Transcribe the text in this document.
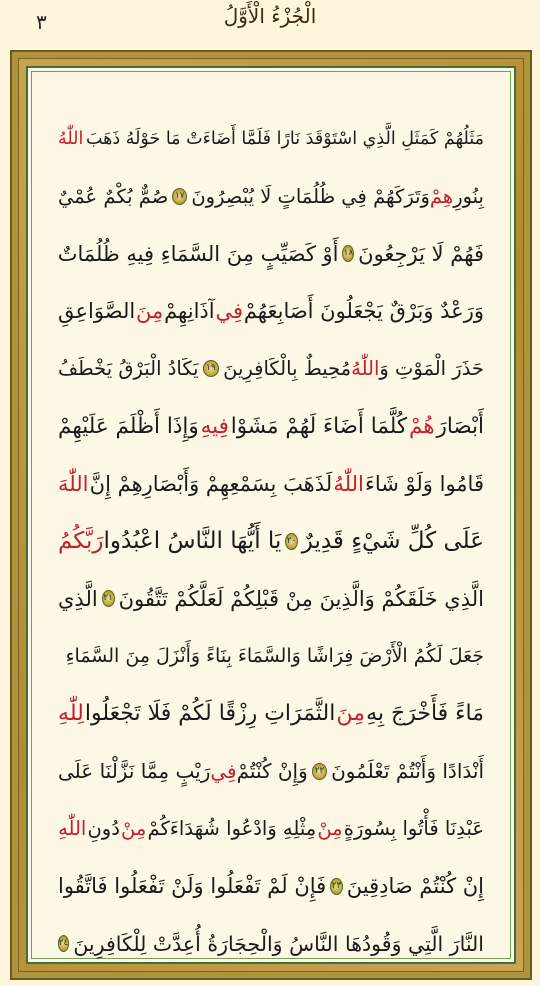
الْجُزْءُ الْأَوَّلُ
٣
مَثَلُهُمْ كَمَثَلِ الَّذِي اسْتَوْقَدَ نَارًا فَلَمَّا أَضَاءَتْ مَا حَوْلَهُ ذَهَبَ
اللّٰهُ
بِنُورِ
هِمْ
وَتَرَكَهُمْ فِي ظُلُمَاتٍ لَا يُبْصِرُونَ
١٧
صُمٌّ بُكْمٌ عُمْيٌ
فَهُمْ لَا يَرْجِعُونَ
١٨
أَوْ كَصَيِّبٍ مِنَ السَّمَاءِ فِيهِ ظُلُمَاتٌ
وَرَعْدٌ وَبَرْقٌ يَجْعَلُونَ أَصَابِعَهُمْ
فِي
آذَانِهِمْ
مِنَ
الصَّوَاعِقِ
حَذَرَ الْمَوْتِ وَ
اللّٰهُ
مُحِيطٌ بِالْكَافِرِينَ
١٩
يَكَادُ الْبَرْقُ يَخْطَفُ
أَبْصَارَ
هُمْ
كُلَّمَا أَضَاءَ لَهُمْ مَشَوْا
فِيهِ
وَإِذَا أَظْلَمَ عَلَيْهِمْ
قَامُوا وَلَوْ شَاءَ
اللّٰهُ
لَذَهَبَ بِسَمْعِهِمْ وَأَبْصَارِهِمْ إِنَّ
اللّٰهَ
عَلَى كُلِّ شَيْءٍ قَدِيرٌ
٢٠
يَا أَيُّهَا النَّاسُ اعْبُدُوا
رَبَّكُمُ
الَّذِي خَلَقَكُمْ وَالَّذِينَ مِنْ قَبْلِكُمْ لَعَلَّكُمْ تَتَّقُونَ
٢١
الَّذِي
جَعَلَ لَكُمُ الْأَرْضَ فِرَاشًا وَالسَّمَاءَ بِنَاءً وَأَنْزَلَ مِنَ السَّمَاءِ
مَاءً فَأَخْرَجَ بِهِ
مِنَ
الثَّمَرَاتِ رِزْقًا لَكُمْ فَلَا تَجْعَلُوا
لِلّٰهِ
أَنْدَادًا وَأَنْتُمْ تَعْلَمُونَ
٢٢
وَإِنْ كُنْتُمْ
فِي
رَيْبٍ مِمَّا نَزَّلْنَا عَلَى
عَبْدِنَا فَأْتُوا بِسُورَةٍ
مِنْ
مِثْلِهِ وَادْعُوا شُهَدَاءَكُمْ
مِنْ
دُونِ
اللّٰهِ
إِنْ كُنْتُمْ صَادِقِينَ
٢٣
فَإِنْ لَمْ تَفْعَلُوا وَلَنْ تَفْعَلُوا فَاتَّقُوا
النَّارَ الَّتِي وَقُودُهَا النَّاسُ وَالْحِجَارَةُ أُعِدَّتْ لِلْكَافِرِينَ
٢٤
